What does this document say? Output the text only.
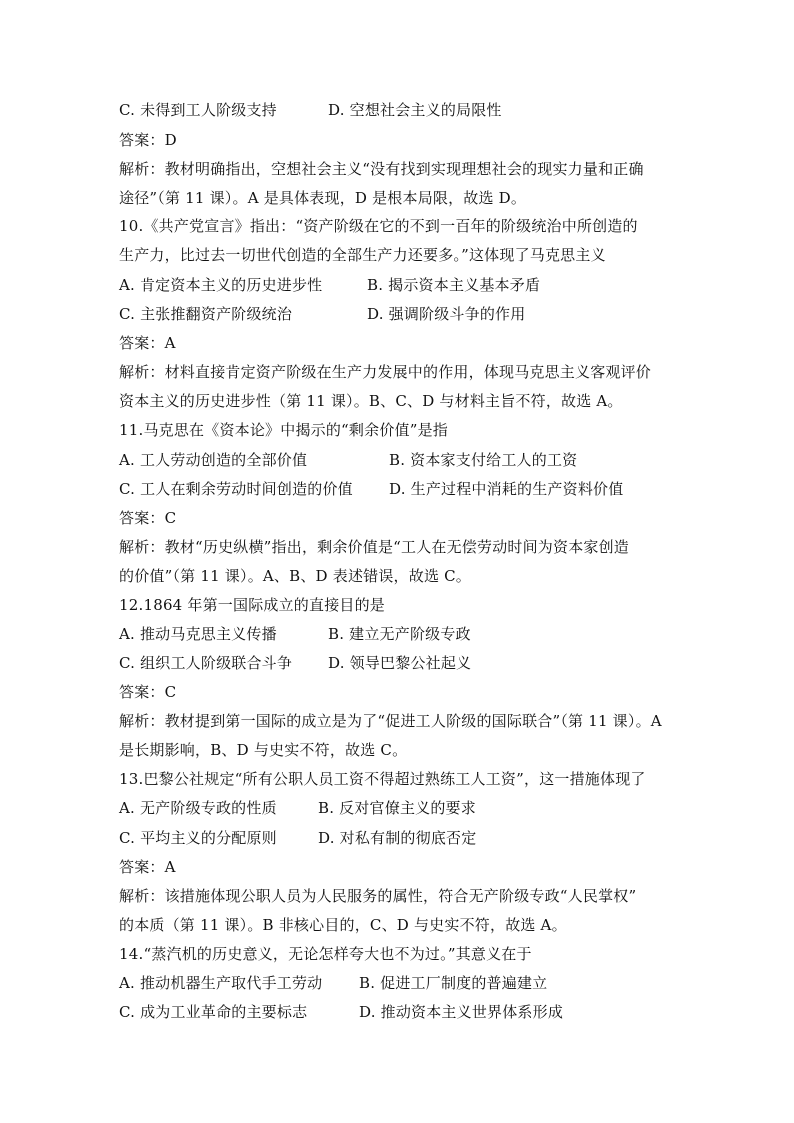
C. 未得到工人阶级支持	D. 空想社会主义的局限性
答案：D
解析：教材明确指出，空想社会主义“没有找到实现理想社会的现实力量和正确
途径”（第 11 课）。A 是具体表现，D 是根本局限，故选 D。
10.《共产党宣言》指出：“资产阶级在它的不到一百年的阶级统治中所创造的
生产力，比过去一切世代创造的全部生产力还要多。”这体现了马克思主义
A. 肯定资本主义的历史进步性	B. 揭示资本主义基本矛盾
C. 主张推翻资产阶级统治	D. 强调阶级斗争的作用
答案：A
解析：材料直接肯定资产阶级在生产力发展中的作用，体现马克思主义客观评价
资本主义的历史进步性（第 11 课）。B、C、D 与材料主旨不符，故选 A。
11.马克思在《资本论》中揭示的“剩余价值”是指
A. 工人劳动创造的全部价值	B. 资本家支付给工人的工资
C. 工人在剩余劳动时间创造的价值 D. 生产过程中消耗的生产资料价值
答案：C
解析：教材“历史纵横”指出，剩余价值是“工人在无偿劳动时间为资本家创造
的价值”（第 11 课）。A、B、D 表述错误，故选 C。
12.1864 年第一国际成立的直接目的是
A. 推动马克思主义传播	B. 建立无产阶级专政
C. 组织工人阶级联合斗争 D. 领导巴黎公社起义
答案：C
解析：教材提到第一国际的成立是为了“促进工人阶级的国际联合”（第 11 课）。A
是长期影响，B、D 与史实不符，故选 C。
13.巴黎公社规定“所有公职人员工资不得超过熟练工人工资”，这一措施体现了
A. 无产阶级专政的性质	B. 反对官僚主义的要求
C. 平均主义的分配原则	D. 对私有制的彻底否定
答案：A
解析：该措施体现公职人员为人民服务的属性，符合无产阶级专政“人民掌权”
的本质（第 11 课）。B 非核心目的，C、D 与史实不符，故选 A。
14.“蒸汽机的历史意义，无论怎样夸大也不为过。”其意义在于
A. 推动机器生产取代手工劳动 B. 促进工厂制度的普遍建立
C. 成为工业革命的主要标志	D. 推动资本主义世界体系形成
